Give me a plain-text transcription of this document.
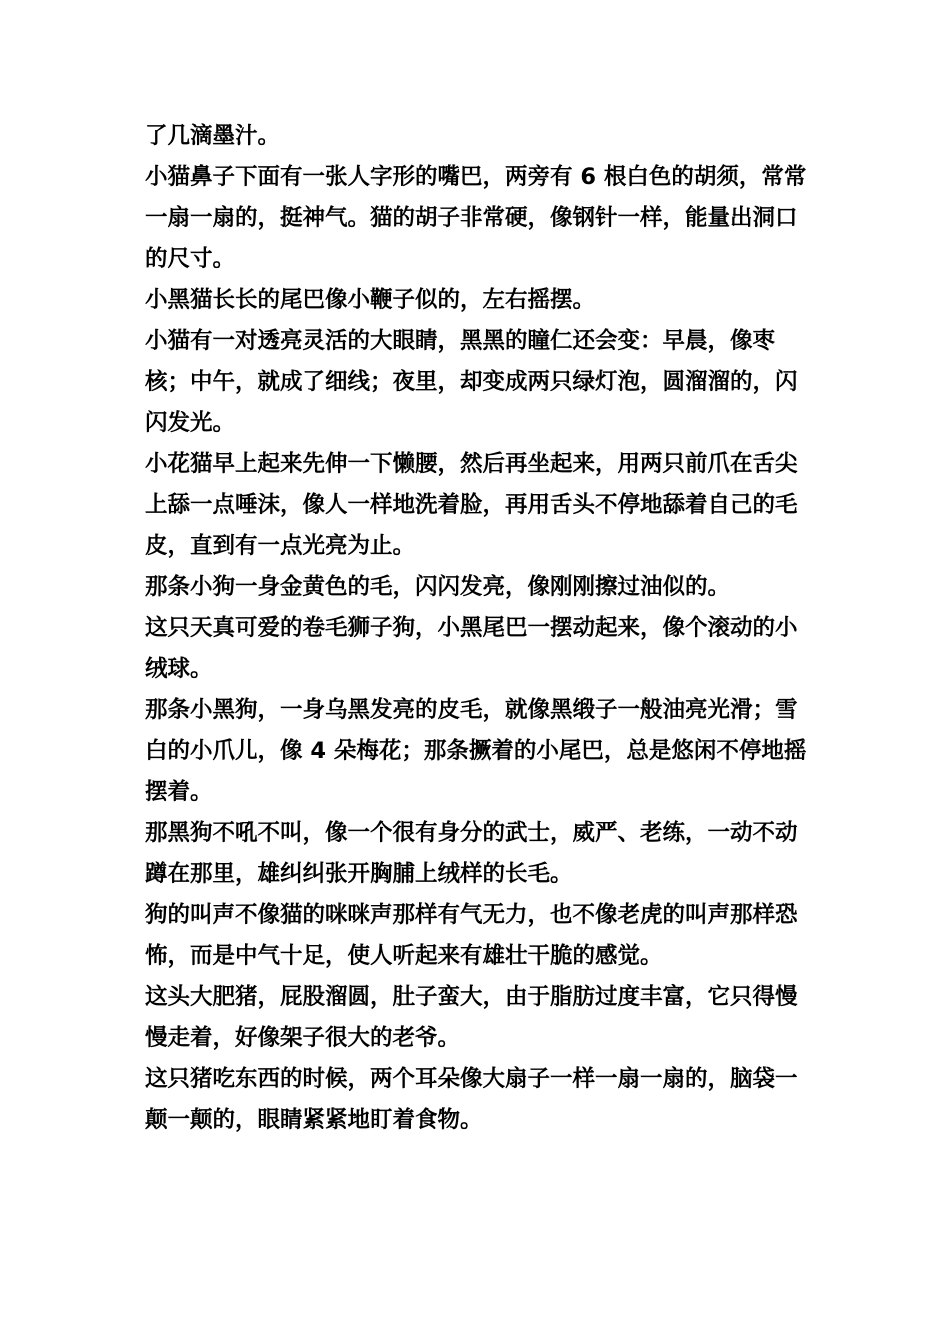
了几滴墨汁。

小猫鼻子下面有一张人字形的嘴巴，两旁有 6 根白色的胡须，常常一扇一扇的，挺神气。猫的胡子非常硬，像钢针一样，能量出洞口的尺寸。

小黑猫长长的尾巴像小鞭子似的，左右摇摆。

小猫有一对透亮灵活的大眼睛，黑黑的瞳仁还会变：早晨，像枣核；中午，就成了细线；夜里，却变成两只绿灯泡，圆溜溜的，闪闪发光。

小花猫早上起来先伸一下懒腰，然后再坐起来，用两只前爪在舌尖上舔一点唾沫，像人一样地洗着脸，再用舌头不停地舔着自己的毛皮，直到有一点光亮为止。

那条小狗一身金黄色的毛，闪闪发亮，像刚刚擦过油似的。

这只天真可爱的卷毛狮子狗，小黑尾巴一摆动起来，像个滚动的小绒球。

那条小黑狗，一身乌黑发亮的皮毛，就像黑缎子一般油亮光滑；雪白的小爪儿，像 4 朵梅花；那条撅着的小尾巴，总是悠闲不停地摇摆着。

那黑狗不吼不叫，像一个很有身分的武士，威严、老练，一动不动蹲在那里，雄纠纠张开胸脯上绒样的长毛。

狗的叫声不像猫的咪咪声那样有气无力，也不像老虎的叫声那样恐怖，而是中气十足，使人听起来有雄壮干脆的感觉。

这头大肥猪，屁股溜圆，肚子蛮大，由于脂肪过度丰富，它只得慢慢走着，好像架子很大的老爷。

这只猪吃东西的时候，两个耳朵像大扇子一样一扇一扇的，脑袋一颠一颠的，眼睛紧紧地盯着食物。
